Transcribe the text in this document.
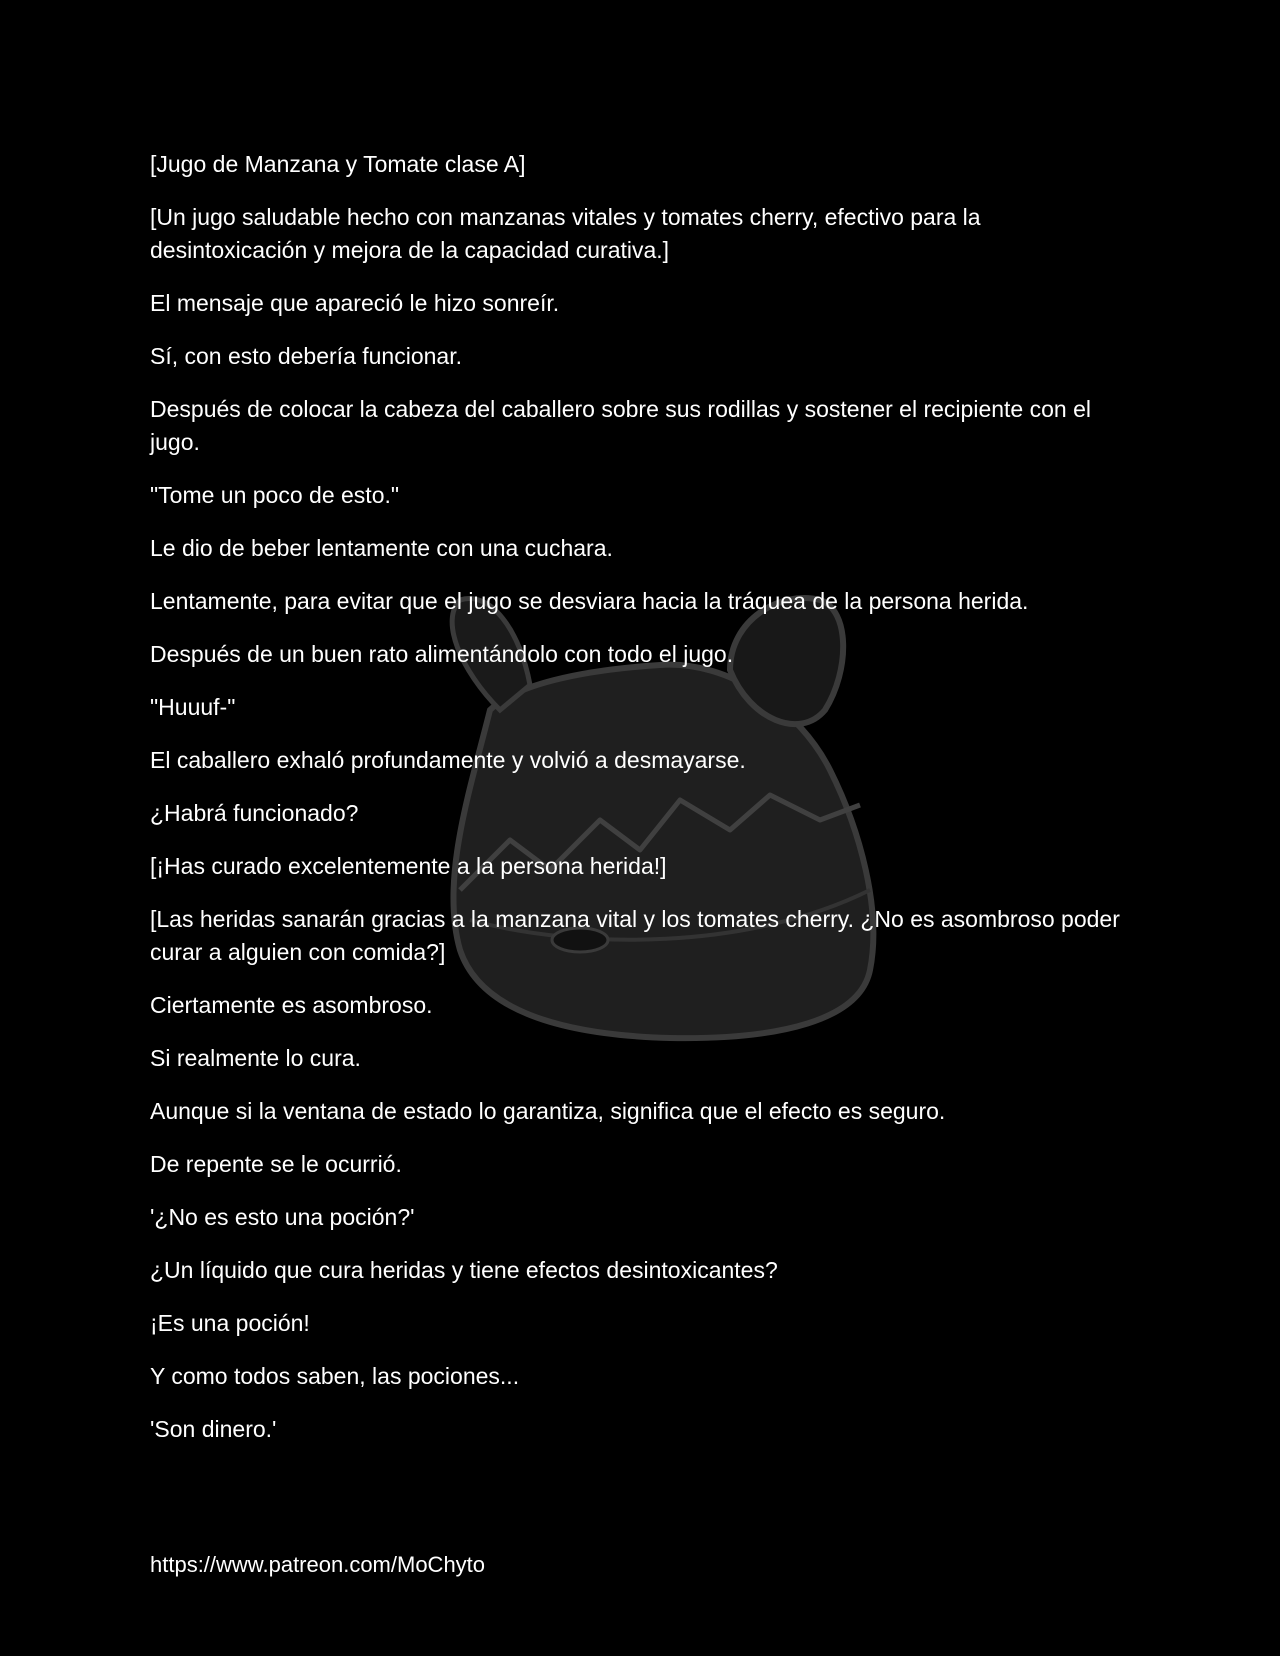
[Jugo de Manzana y Tomate clase A]

[Un jugo saludable hecho con manzanas vitales y tomates cherry, efectivo para la desintoxicación y mejora de la capacidad curativa.]

El mensaje que apareció le hizo sonreír.

Sí, con esto debería funcionar.

Después de colocar la cabeza del caballero sobre sus rodillas y sostener el recipiente con el jugo.

"Tome un poco de esto."

Le dio de beber lentamente con una cuchara.

Lentamente, para evitar que el jugo se desviara hacia la tráquea de la persona herida.

Después de un buen rato alimentándolo con todo el jugo.

"Huuuf-"

El caballero exhaló profundamente y volvió a desmayarse.

¿Habrá funcionado?

[¡Has curado excelentemente a la persona herida!]

[Las heridas sanarán gracias a la manzana vital y los tomates cherry. ¿No es asombroso poder curar a alguien con comida?]

Ciertamente es asombroso.

Si realmente lo cura.

Aunque si la ventana de estado lo garantiza, significa que el efecto es seguro.

De repente se le ocurrió.

'¿No es esto una poción?'

¿Un líquido que cura heridas y tiene efectos desintoxicantes?

¡Es una poción!

Y como todos saben, las pociones...

'Son dinero.'

https://www.patreon.com/MoChyto
